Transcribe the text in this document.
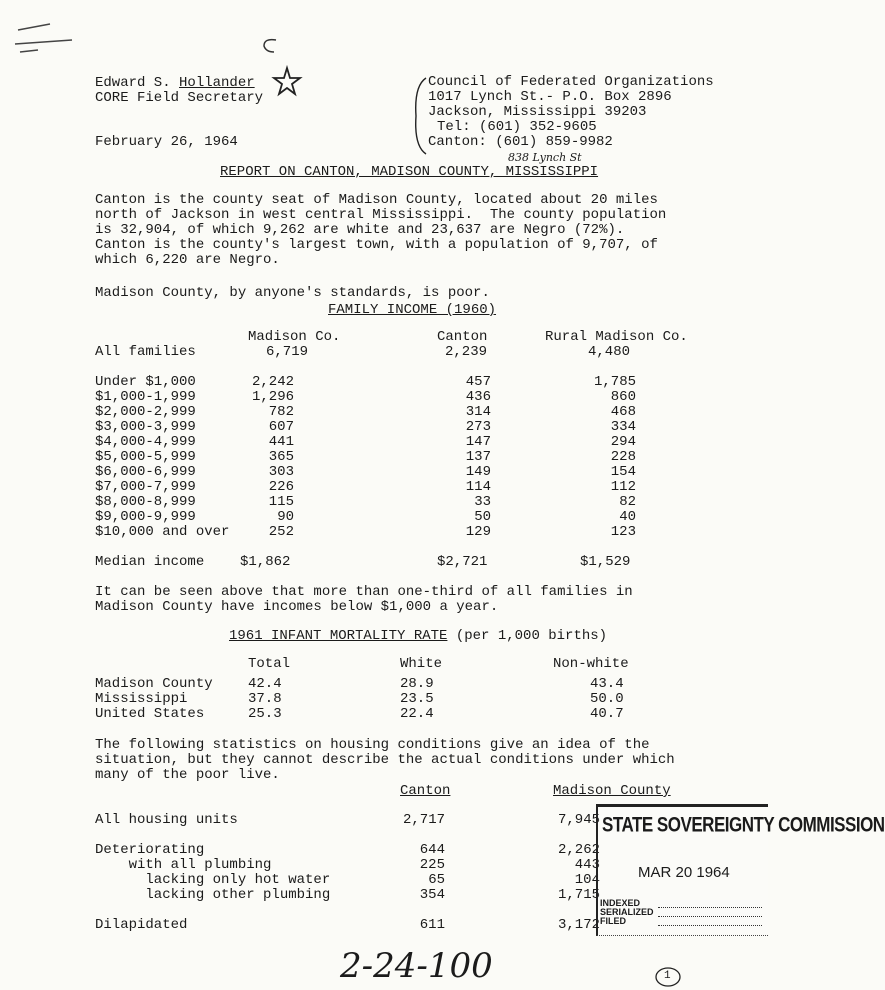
Edward S. Hollander
CORE Field Secretary
February 26, 1964
Council of Federated Organizations
1017 Lynch St.- P.O. Box 2896
Jackson, Mississippi 39203
Tel: (601) 352-9605
Canton: (601) 859-9982
838 Lynch St
REPORT ON CANTON, MADISON COUNTY, MISSISSIPPI
Canton is the county seat of Madison County, located about 20 miles
north of Jackson in west central Mississippi.  The county population
is 32,904, of which 9,262 are white and 23,637 are Negro (72%).
Canton is the county's largest town, with a population of 9,707, of
which 6,220 are Negro.
Madison County, by anyone's standards, is poor.
FAMILY INCOME (1960)
Madison Co.	Canton	Rural Madison Co.
All families	6,719	2,239	4,480
Under $1,000	2,242	457	1,785
$1,000-1,999	1,296	436	860
$2,000-2,999	782	314	468
$3,000-3,999	607	273	334
$4,000-4,999	441	147	294
$5,000-5,999	365	137	228
$6,000-6,999	303	149	154
$7,000-7,999	226	114	112
$8,000-8,999	115	33	82
$9,000-9,999	90	50	40
$10,000 and over	252	129	123
Median income	$1,862	$2,721	$1,529
It can be seen above that more than one-third of all families in
Madison County have incomes below $1,000 a year.
1961 INFANT MORTALITY RATE (per 1,000 births)
Total	White	Non-white
Madison County	42.4	28.9	43.4
Mississippi	37.8	23.5	50.0
United States	25.3	22.4	40.7
The following statistics on housing conditions give an idea of the
situation, but they cannot describe the actual conditions under which
many of the poor live.
Canton	Madison County
All housing units	2,717	7,945
Deteriorating	644	2,262
with all plumbing	225	443
lacking only hot water	65	104
lacking other plumbing	354	1,715
Dilapidated	611	3,172
STATE SOVEREIGNTY COMMISSION
MAR 20 1964
INDEXED
SERIALIZED
FILED
2-24-100	1
